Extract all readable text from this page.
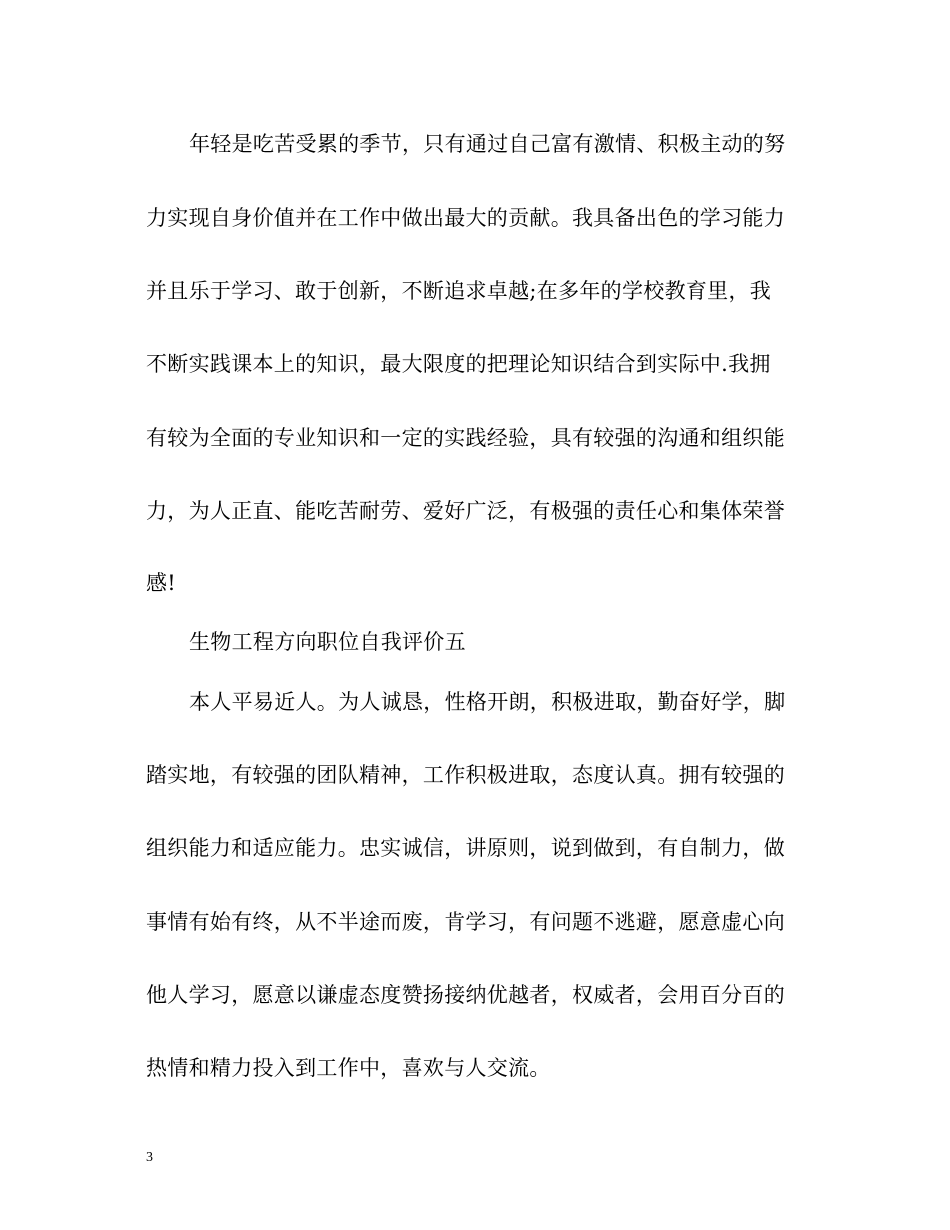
年轻是吃苦受累的季节，只有通过自己富有激情、积极主动的努
力实现自身价值并在工作中做出最大的贡献。我具备出色的学习能力
并且乐于学习、敢于创新，不断追求卓越;在多年的学校教育里，我
不断实践课本上的知识，最大限度的把理论知识结合到实际中.我拥
有较为全面的专业知识和一定的实践经验，具有较强的沟通和组织能
力，为人正直、能吃苦耐劳、爱好广泛，有极强的责任心和集体荣誉
感!
生物工程方向职位自我评价五
本人平易近人。为人诚恳，性格开朗，积极进取，勤奋好学，脚
踏实地，有较强的团队精神，工作积极进取，态度认真。拥有较强的
组织能力和适应能力。忠实诚信，讲原则，说到做到，有自制力，做
事情有始有终，从不半途而废，肯学习，有问题不逃避，愿意虚心向
他人学习，愿意以谦虚态度赞扬接纳优越者，权威者，会用百分百的
热情和精力投入到工作中，喜欢与人交流。
3
